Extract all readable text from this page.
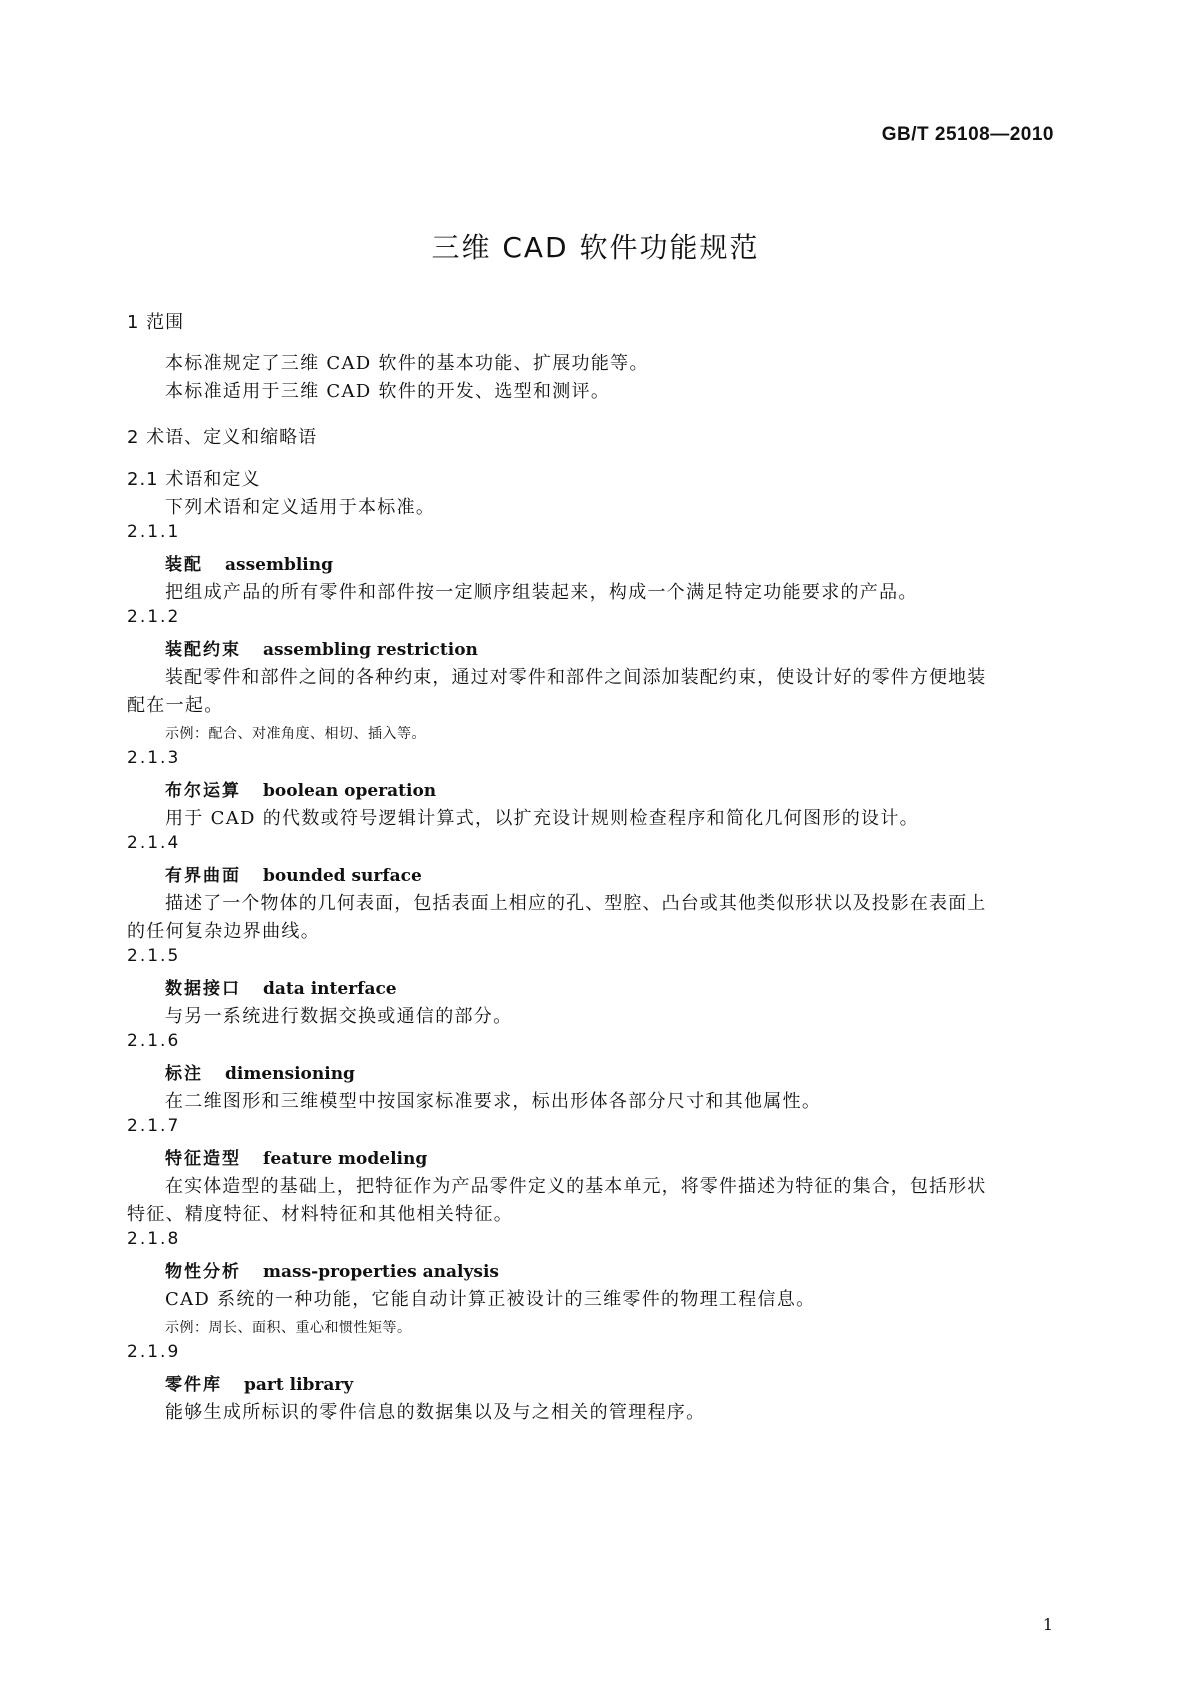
GB/T 25108—2010
三维 CAD 软件功能规范
1 范围
本标准规定了三维 CAD 软件的基本功能、扩展功能等。
本标准适用于三维 CAD 软件的开发、选型和测评。
2 术语、定义和缩略语
2.1 术语和定义
下列术语和定义适用于本标准。
2.1.1
装配 assembling
把组成产品的所有零件和部件按一定顺序组装起来，构成一个满足特定功能要求的产品。
2.1.2
装配约束 assembling restriction
装配零件和部件之间的各种约束，通过对零件和部件之间添加装配约束，使设计好的零件方便地装
配在一起。
示例：配合、对准角度、相切、插入等。
2.1.3
布尔运算 boolean operation
用于 CAD 的代数或符号逻辑计算式，以扩充设计规则检查程序和简化几何图形的设计。
2.1.4
有界曲面 bounded surface
描述了一个物体的几何表面，包括表面上相应的孔、型腔、凸台或其他类似形状以及投影在表面上
的任何复杂边界曲线。
2.1.5
数据接口 data interface
与另一系统进行数据交换或通信的部分。
2.1.6
标注 dimensioning
在二维图形和三维模型中按国家标准要求，标出形体各部分尺寸和其他属性。
2.1.7
特征造型 feature modeling
在实体造型的基础上，把特征作为产品零件定义的基本单元，将零件描述为特征的集合，包括形状
特征、精度特征、材料特征和其他相关特征。
2.1.8
物性分析 mass-properties analysis
CAD 系统的一种功能，它能自动计算正被设计的三维零件的物理工程信息。
示例：周长、面积、重心和惯性矩等。
2.1.9
零件库 part library
能够生成所标识的零件信息的数据集以及与之相关的管理程序。
1
